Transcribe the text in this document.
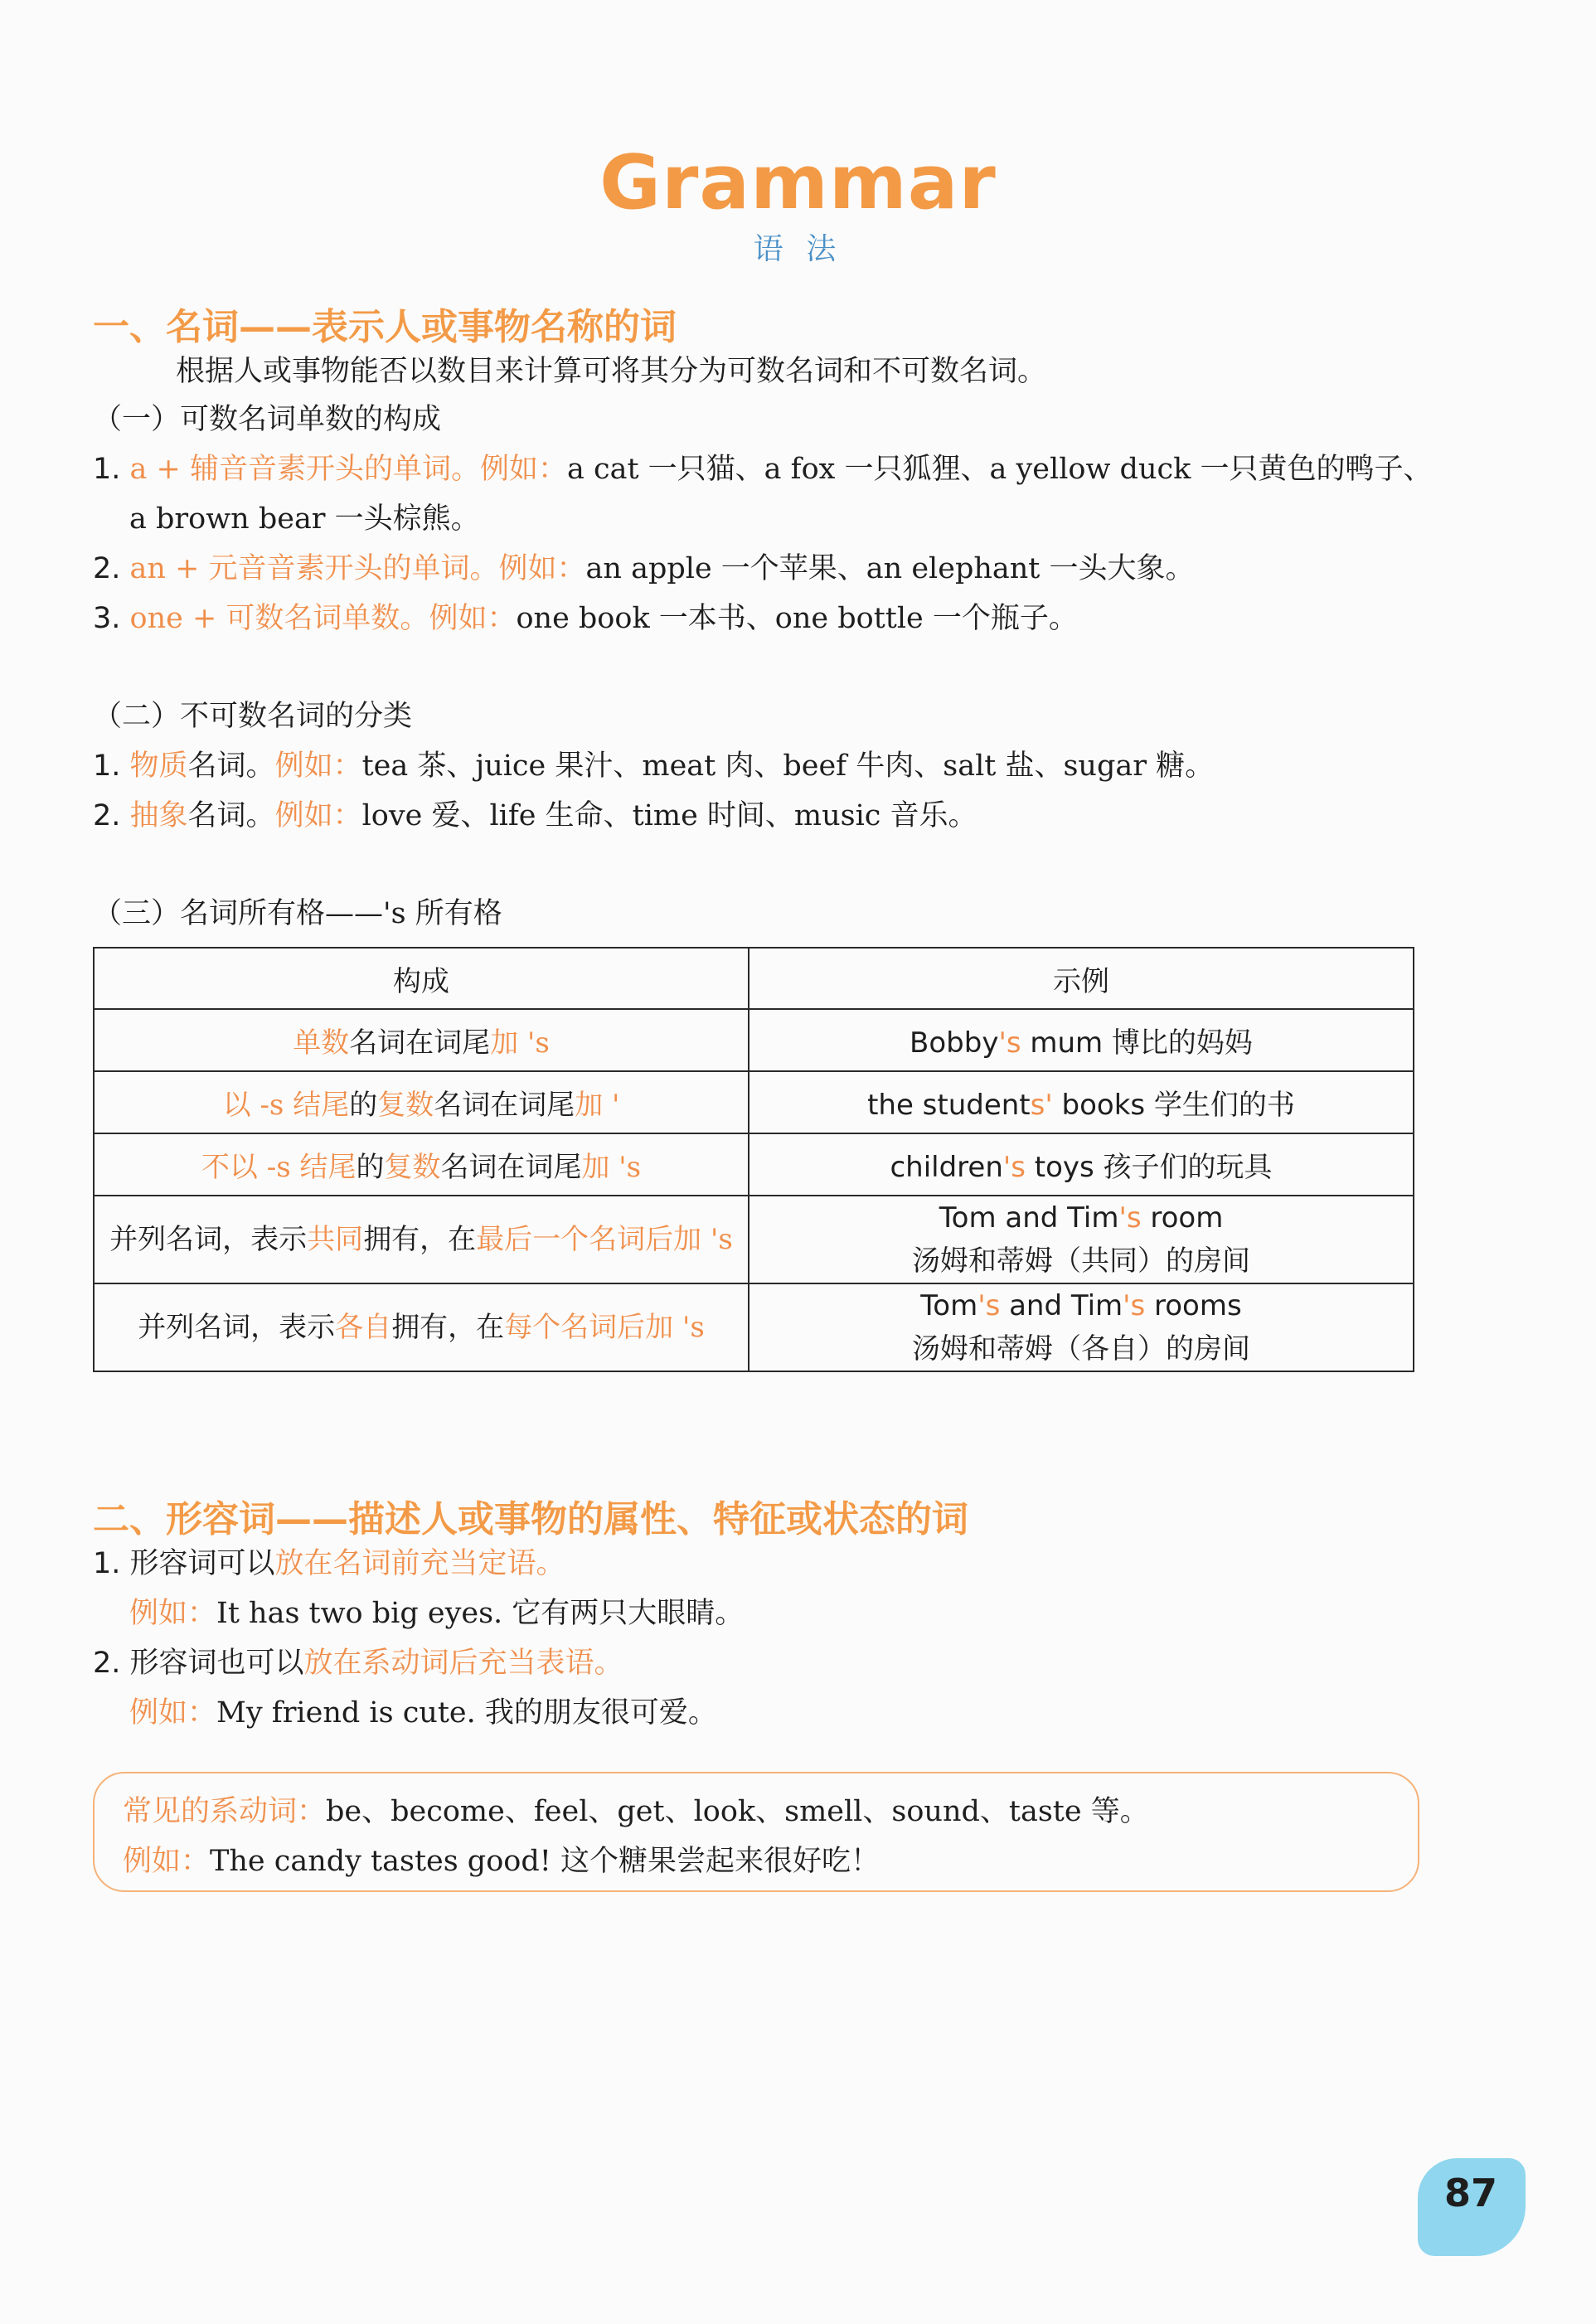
Grammar
语 法
一、名词——表示人或事物名称的词
根据人或事物能否以数目来计算可将其分为可数名词和不可数名词。
（一）可数名词单数的构成
1. a + 辅音音素开头的单词。例如：a cat 一只猫、a fox 一只狐狸、a yellow duck 一只黄色的鸭子、
a brown bear 一头棕熊。
2. an + 元音音素开头的单词。例如：an apple 一个苹果、an elephant 一头大象。
3. one + 可数名词单数。例如：one book 一本书、one bottle 一个瓶子。
（二）不可数名词的分类
1. 物质名词。例如：tea 茶、juice 果汁、meat 肉、beef 牛肉、salt 盐、sugar 糖。
2. 抽象名词。例如：love 爱、life 生命、time 时间、music 音乐。
（三）名词所有格——'s 所有格
构成	示例
单数名词在词尾加 's	Bobby's mum 博比的妈妈

以 -s 结尾的复数名词在词尾加 '	the students' books 学生们的书

不以 -s 结尾的复数名词在词尾加 's	children's toys 孩子们的玩具

并列名词，表示共同拥有，在最后一个名词后加 's	Tom and Tim's room
汤姆和蒂姆（共同）的房间

并列名词，表示各自拥有，在每个名词后加 's	Tom's and Tim's rooms
汤姆和蒂姆（各自）的房间
二、形容词——描述人或事物的属性、特征或状态的词
1. 形容词可以放在名词前充当定语。
例如：It has two big eyes. 它有两只大眼睛。
2. 形容词也可以放在系动词后充当表语。
例如：My friend is cute. 我的朋友很可爱。
常见的系动词：be、become、feel、get、look、smell、sound、taste 等。
例如：The candy tastes good! 这个糖果尝起来很好吃！
87
